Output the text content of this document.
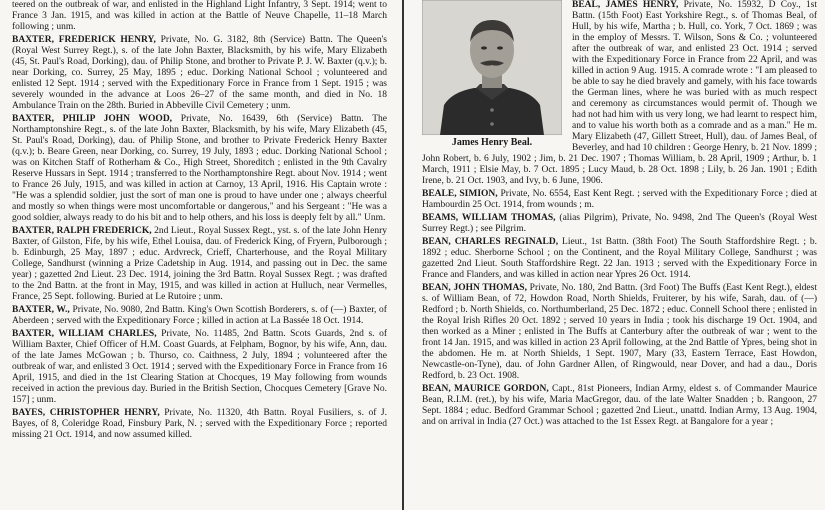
teered on the outbreak of war, and enlisted in the Highland Light Infantry, 3 Sept. 1914; went to France 3 Jan. 1915, and was killed in action at the Battle of Neuve Chapelle, 11–18 March following ; unm.

BAXTER, FREDERICK HENRY, Private, No. G. 3182, 8th (Service) Battn. The Queen's (Royal West Surrey Regt.), s. of the late John Baxter, Blacksmith, by his wife, Mary Elizabeth (45, St. Paul's Road, Dorking), dau. of Philip Stone, and brother to Private P. J. W. Baxter (q.v.); b. near Dorking, co. Surrey, 25 May, 1895 ; educ. Dorking National School ; volunteered and enlisted 12 Sept. 1914 ; served with the Expeditionary Force in France from 1 Sept. 1915 ; was severely wounded in the advance at Loos 26–27 of the same month, and died in No. 18 Ambulance Train on the 28th. Buried in Abbeville Civil Cemetery ; unm.

BAXTER, PHILIP JOHN WOOD, Private, No. 16439, 6th (Service) Battn. The Northamptonshire Regt., s. of the late John Baxter, Blacksmith, by his wife, Mary Elizabeth (45, St. Paul's Road, Dorking), dau. of Philip Stone, and brother to Private Frederick Henry Baxter (q.v.); b. Beare Green, near Dorking, co. Surrey, 19 July, 1893 ; educ. Dorking National School ; was on Kitchen Staff of Rotherham & Co., High Street, Shoreditch ; enlisted in the 9th Cavalry Reserve Hussars in Sept. 1914 ; transferred to the Northamptonshire Regt. about Nov. 1914 ; went to France 26 July, 1915, and was killed in action at Carnoy, 13 April, 1916. His Captain wrote : "He was a splendid soldier, just the sort of man one is proud to have under one ; always cheerful and mostly so when things were most uncomfortable or dangerous," and his Sergeant : "He was a good soldier, always ready to do his bit and to help others, and his loss is deeply felt by all." Unm.

BAXTER, RALPH FREDERICK, 2nd Lieut., Royal Sussex Regt., yst. s. of the late John Henry Baxter, of Gilston, Fife, by his wife, Ethel Louisa, dau. of Frederick King, of Fryern, Pulborough ; b. Edinburgh, 25 May, 1897 ; educ. Ardvreck, Crieff, Charterhouse, and the Royal Military College, Sandhurst (winning a Prize Cadetship in Aug. 1914, and passing out in Dec. the same year) ; gazetted 2nd Lieut. 23 Dec. 1914, joining the 3rd Battn. Royal Sussex Regt. ; was drafted to the 2nd Battn. at the front in May, 1915, and was killed in action at Hulluch, near Vermelles, France, 25 Sept. following. Buried at Le Rutoire ; unm.

BAXTER, W., Private, No. 9080, 2nd Battn. King's Own Scottish Borderers, s. of (—) Baxter, of Aberdeen ; served with the Expeditionary Force ; killed in action at La Bassée 18 Oct. 1914.

BAXTER, WILLIAM CHARLES, Private, No. 11485, 2nd Battn. Scots Guards, 2nd s. of William Baxter, Chief Officer of H.M. Coast Guards, at Felpham, Bognor, by his wife, Ann, dau. of the late James McGowan ; b. Thurso, co. Caithness, 2 July, 1894 ; volunteered after the outbreak of war, and enlisted 3 Oct. 1914 ; served with the Expeditionary Force in France from 16 April, 1915, and died in the 1st Clearing Station at Chocques, 19 May following from wounds received in action the previous day. Buried in the British Section, Chocques Cemetery [Grave No. 157] ; unm.

BAYES, CHRISTOPHER HENRY, Private, No. 11320, 4th Battn. Royal Fusiliers, s. of J. Bayes, of 8, Coleridge Road, Finsbury Park, N. ; served with the Expeditionary Force ; reported missing 21 Oct. 1914, and now assumed killed.

James Henry Beal.

BEAL, JAMES HENRY, Private, No. 15932, D Coy., 1st Battn. (15th Foot) East Yorkshire Regt., s. of Thomas Beal, of Hull, by his wife, Martha ; b. Hull, co. York, 7 Oct. 1869 ; was in the employ of Messrs. T. Wilson, Sons & Co. ; volunteered after the outbreak of war, and enlisted 23 Oct. 1914 ; served with the Expeditionary Force in France from 22 April, and was killed in action 9 Aug. 1915. A comrade wrote : "I am pleased to be able to say he died bravely and gamely, with his face towards the German lines, where he was buried with as much respect and ceremony as circumstances would permit of. Though we had not had him with us very long, we had learnt to respect him, and to value his worth both as a comrade and as a man." He m. Mary Elizabeth (47, Gillett Street, Hull), dau. of James Beal, of Beverley, and had 10 children : George Henry, b. 21 Nov. 1899 ; John Robert, b. 6 July, 1902 ; Jim, b. 21 Dec. 1907 ; Thomas William, b. 28 April, 1909 ; Arthur, b. 1 March, 1911 ; Elsie May, b. 7 Oct. 1895 ; Lucy Maud, b. 28 Oct. 1898 ; Lily, b. 26 Jan. 1901 ; Edith Irene, b. 21 Oct. 1903, and Ivy, b. 6 June, 1906.

BEALE, SIMION, Private, No. 6554, East Kent Regt. ; served with the Expeditionary Force ; died at Hambourdin 25 Oct. 1914, from wounds ; m.

BEAMS, WILLIAM THOMAS, (alias Pilgrim), Private, No. 9498, 2nd The Queen's (Royal West Surrey Regt.) ; see Pilgrim.

BEAN, CHARLES REGINALD, Lieut., 1st Battn. (38th Foot) The South Staffordshire Regt. ; b. 1892 ; educ. Sherborne School ; on the Continent, and the Royal Military College, Sandhurst ; was gazetted 2nd Lieut. South Staffordshire Regt. 22 Jan. 1913 ; served with the Expeditionary Force in France and Flanders, and was killed in action near Ypres 26 Oct. 1914.

BEAN, JOHN THOMAS, Private, No. 180, 2nd Battn. (3rd Foot) The Buffs (East Kent Regt.), eldest s. of William Bean, of 72, Howdon Road, North Shields, Fruiterer, by his wife, Sarah, dau. of (—) Redford ; b. North Shields, co. Northumberland, 25 Dec. 1872 ; educ. Connell School there ; enlisted in the Royal Irish Rifles 20 Oct. 1892 ; served 10 years in India ; took his discharge 19 Oct. 1904, and then worked as a Miner ; enlisted in The Buffs at Canterbury after the outbreak of war ; went to the front 14 Jan. 1915, and was killed in action 23 April following, at the 2nd Battle of Ypres, being shot in the abdomen. He m. at North Shields, 1 Sept. 1907, Mary (33, Eastern Terrace, East Howdon, Newcastle-on-Tyne), dau. of John Gardner Allen, of Ringwould, near Dover, and had a dau., Doris Redford, b. 23 Oct. 1908.

BEAN, MAURICE GORDON, Capt., 81st Pioneers, Indian Army, eldest s. of Commander Maurice Bean, R.I.M. (ret.), by his wife, Maria MacGregor, dau. of the late Walter Snadden ; b. Rangoon, 27 Sept. 1884 ; educ. Bedford Grammar School ; gazetted 2nd Lieut., unattd. Indian Army, 13 Aug. 1904, and on arrival in India (27 Oct.) was attached to the 1st Essex Regt. at Bangalore for a year ;
